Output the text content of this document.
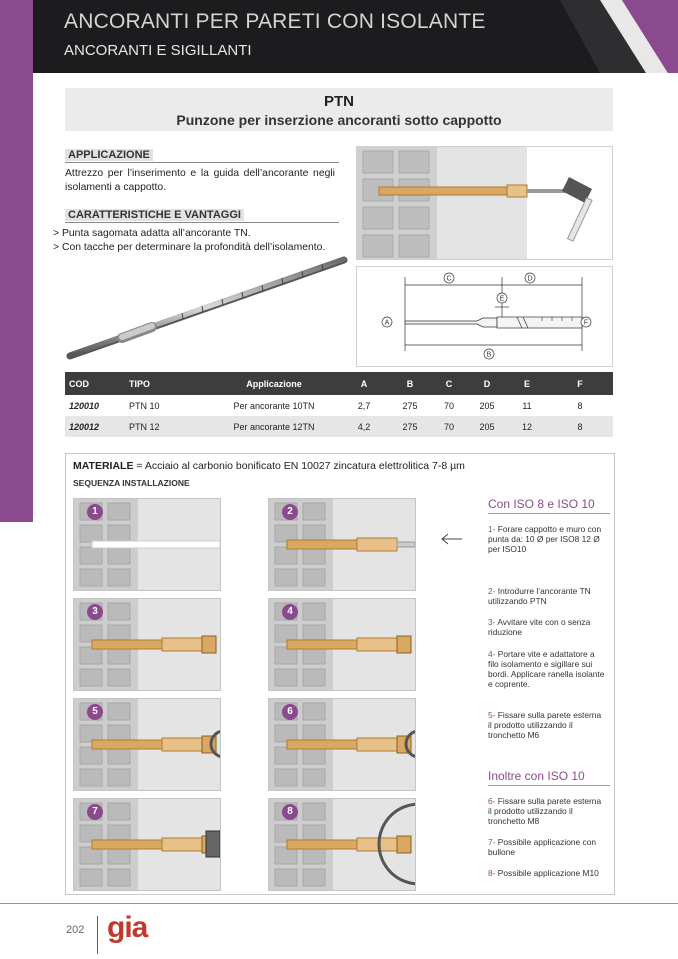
ANCORANTI PER PARETI CON ISOLANTE
ANCORANTI E SIGILLANTI
PTN
Punzone per inserzione ancoranti sotto cappotto
APPLICAZIONE
Attrezzo per l’inserimento e la guida dell’ancorante negli isolamenti a cappotto.
CARATTERISTICHE E VANTAGGI
> Punta sagomata adatta all’ancorante TN.
> Con tacche per determinare la profondità dell’isolamento.
C	D
E
A	F
B
COD	TIPO	Applicazione	A	B	C	D	E	F
120010	PTN 10	Per ancorante 10TN	2,7	275	70	205	11	8
120012	PTN 12	Per ancorante 12TN	4,2	275	70	205	12	8
MATERIALE = Acciaio al carbonio bonificato EN 10027 zincatura elettrolitica 7-8 µm
SEQUENZA INSTALLAZIONE
1	2
3	4
5	6
7	8
Con ISO 8 e ISO 10
1- Forare cappotto e muro con punta da: 10 Ø per ISO8 12 Ø per ISO10
2- Introdurre l’ancorante TN utilizzando PTN
3- Avvitare vite con o senza riduzione
4- Portare vite e adattatore a filo isolamento e sigillare sui bordi. Applicare ranella isolante e coprente.
5- Fissare sulla parete esterna il prodotto utilizzando il tronchetto M6
Inoltre con ISO 10
6- Fissare sulla parete esterna il prodotto utilizzando il tronchetto M8
7- Possibile applicazione con bullone
8- Possibile applicazione M10
202 gia
